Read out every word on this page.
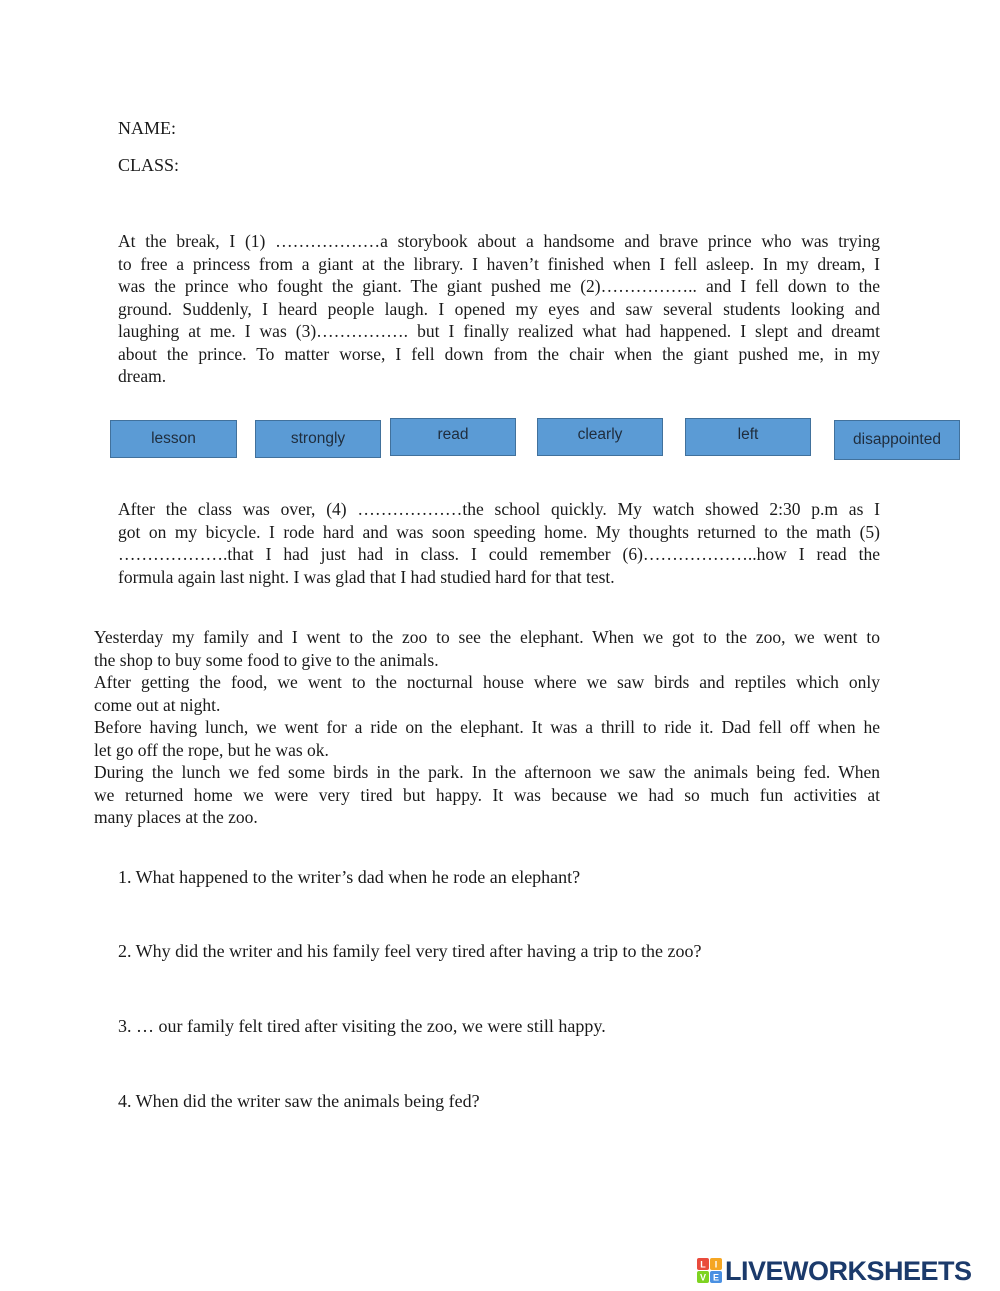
NAME:
CLASS:
At the break, I (1) ………………a storybook about a handsome and brave prince who was trying
to free a princess from a giant at the library. I haven’t finished when I fell asleep. In my dream, I
was the prince who fought the giant. The giant pushed me (2)…………….. and I fell down to the
ground. Suddenly, I heard people laugh. I opened my eyes and saw several students looking and
laughing at me. I was (3)……………. but I finally realized what had happened. I slept and dreamt
about the prince. To matter worse, I fell down from the chair when the giant pushed me, in my
dream.
lesson	strongly	read	clearly	left	disappointed
After the class was over, (4) ………………the school quickly. My watch showed 2:30 p.m as I
got on my bicycle. I rode hard and was soon speeding home. My thoughts returned to the math (5)
……………….that I had just had in class. I could remember (6)………………..how I read the
formula again last night. I was glad that I had studied hard for that test.
Yesterday my family and I went to the zoo to see the elephant. When we got to the zoo, we went to
the shop to buy some food to give to the animals.
After getting the food, we went to the nocturnal house where we saw birds and reptiles which only
come out at night.
Before having lunch, we went for a ride on the elephant. It was a thrill to ride it. Dad fell off when he
let go off the rope, but he was ok.
During the lunch we fed some birds in the park. In the afternoon we saw the animals being fed. When
we returned home we were very tired but happy. It was because we had so much fun activities at
many places at the zoo.
1. What happened to the writer’s dad when he rode an elephant?
2. Why did the writer and his family feel very tired after having a trip to the zoo?
3. … our family felt tired after visiting the zoo, we were still happy.
4. When did the writer saw the animals being fed?
L I
V E LIVEWORKSHEETS
